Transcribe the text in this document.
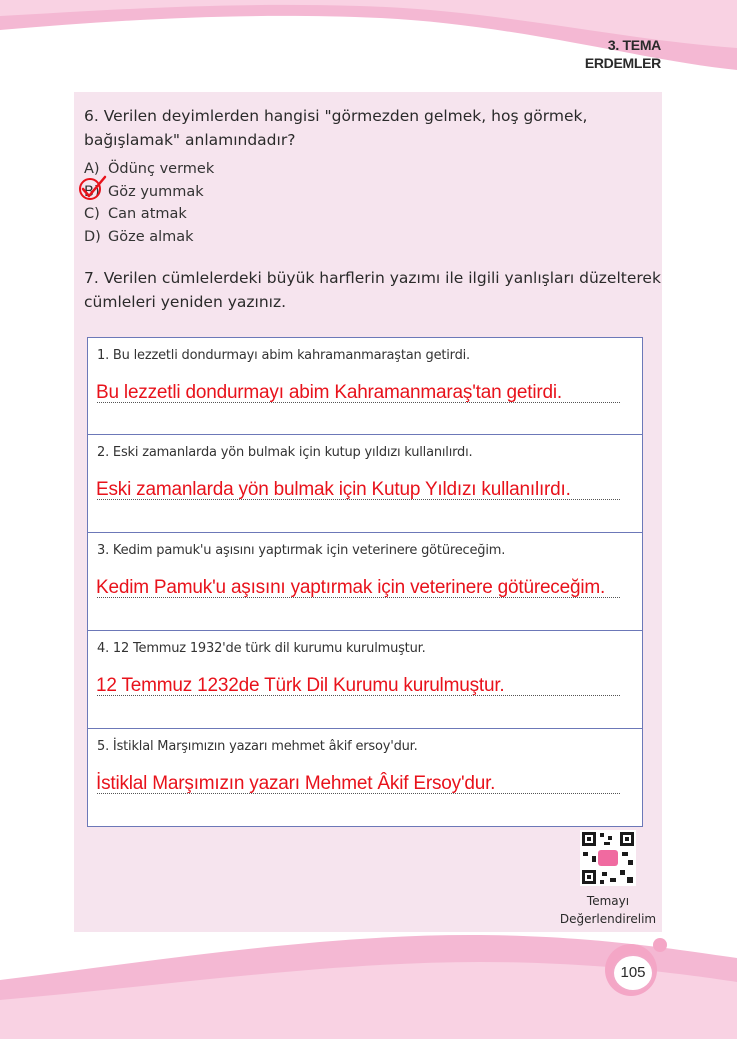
3. TEMA
ERDEMLER

6. Verilen deyimlerden hangisi "görmezden gelmek, hoş görmek, bağışlamak" anlamındadır?

A) Ödünç vermek
B) Göz yummak
C) Can atmak
D) Göze almak

7. Verilen cümlelerdeki büyük harflerin yazımı ile ilgili yanlışları düzelterek cümleleri yeniden yazınız.

1. Bu lezzetli dondurmayı abim kahramanmaraştan getirdi.
Bu lezzetli dondurmayı abim Kahramanmaraş'tan getirdi.
2. Eski zamanlarda yön bulmak için kutup yıldızı kullanılırdı.
Eski zamanlarda yön bulmak için Kutup Yıldızı kullanılırdı.
3. Kedim pamuk'u aşısını yaptırmak için veterinere götüreceğim.
Kedim Pamuk'u aşısını yaptırmak için veterinere götüreceğim.
4. 12 Temmuz 1932'de türk dil kurumu kurulmuştur.
12 Temmuz 1232de Türk Dil Kurumu kurulmuştur.
5. İstiklal Marşımızın yazarı mehmet âkif ersoy'dur.
İstiklal Marşımızın yazarı Mehmet Âkif Ersoy'dur.
Temayı
Değerlendirelim
105
